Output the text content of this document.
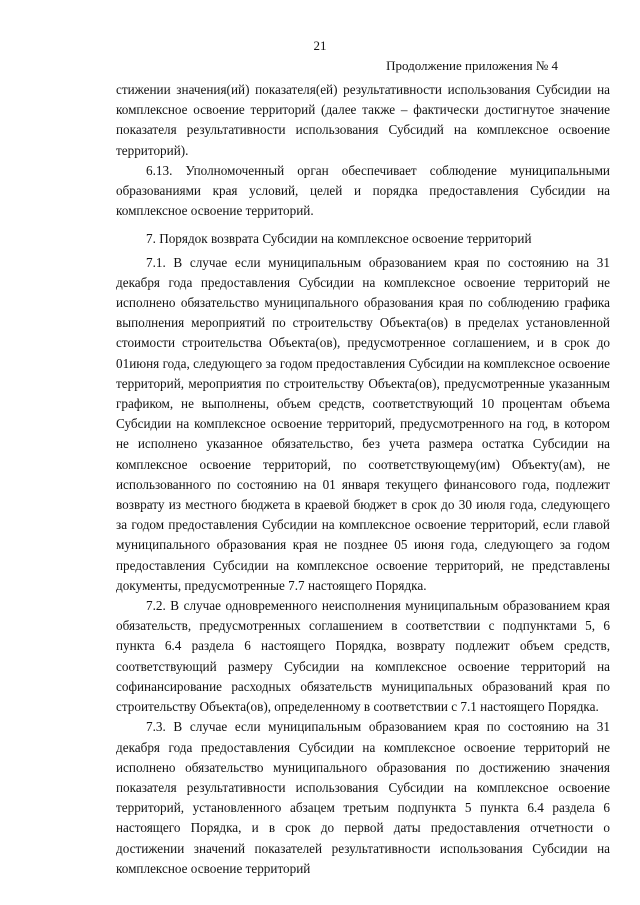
21
Продолжение приложения № 4

стижении значения(ий) показателя(ей) результативности использования Субсидии на комплексное освоение территорий (далее также – фактически достигнутое значение показателя результативности использования Субсидий на комплексное освоение территорий).

6.13. Уполномоченный орган обеспечивает соблюдение муниципальными образованиями края условий, целей и порядка предоставления Субсидии на комплексное освоение территорий.

7. Порядок возврата Субсидии на комплексное освоение территорий

7.1. В случае если муниципальным образованием края по состоянию на 31 декабря года предоставления Субсидии на комплексное освоение территорий не исполнено обязательство муниципального образования края по соблюдению графика выполнения мероприятий по строительству Объекта(ов) в пределах установленной стоимости строительства Объекта(ов), предусмотренное соглашением, и в срок до 01июня года, следующего за годом предоставления Субсидии на комплексное освоение территорий, мероприятия по строительству Объекта(ов), предусмотренные указанным графиком, не выполнены, объем средств, соответствующий 10 процентам объема Субсидии на комплексное освоение территорий, предусмотренного на год, в котором не исполнено указанное обязательство, без учета размера остатка Субсидии на комплексное освоение территорий, по соответствующему(им) Объекту(ам), не использованного по состоянию на 01 января текущего финансового года, подлежит возврату из местного бюджета в краевой бюджет в срок до 30 июля года, следующего за годом предоставления Субсидии на комплексное освоение территорий, если главой муниципального образования края не позднее 05 июня года, следующего за годом предоставления Субсидии на комплексное освоение территорий, не представлены документы, предусмотренные 7.7 настоящего Порядка.

7.2. В случае одновременного неисполнения муниципальным образованием края обязательств, предусмотренных соглашением в соответствии с подпунктами 5, 6 пункта 6.4 раздела 6 настоящего Порядка, возврату подлежит объем средств, соответствующий размеру Субсидии на комплексное освоение территорий на софинансирование расходных обязательств муниципальных образований края по строительству Объекта(ов), определенному в соответствии с 7.1 настоящего Порядка.

7.3. В случае если муниципальным образованием края по состоянию на 31 декабря года предоставления Субсидии на комплексное освоение территорий не исполнено обязательство муниципального образования по достижению значения показателя результативности использования Субсидии на комплексное освоение территорий, установленного абзацем третьим подпункта 5 пункта 6.4 раздела 6 настоящего Порядка, и в срок до первой даты предоставления отчетности о достижении значений показателей результативности использования Субсидии на комплексное освоение территорий
